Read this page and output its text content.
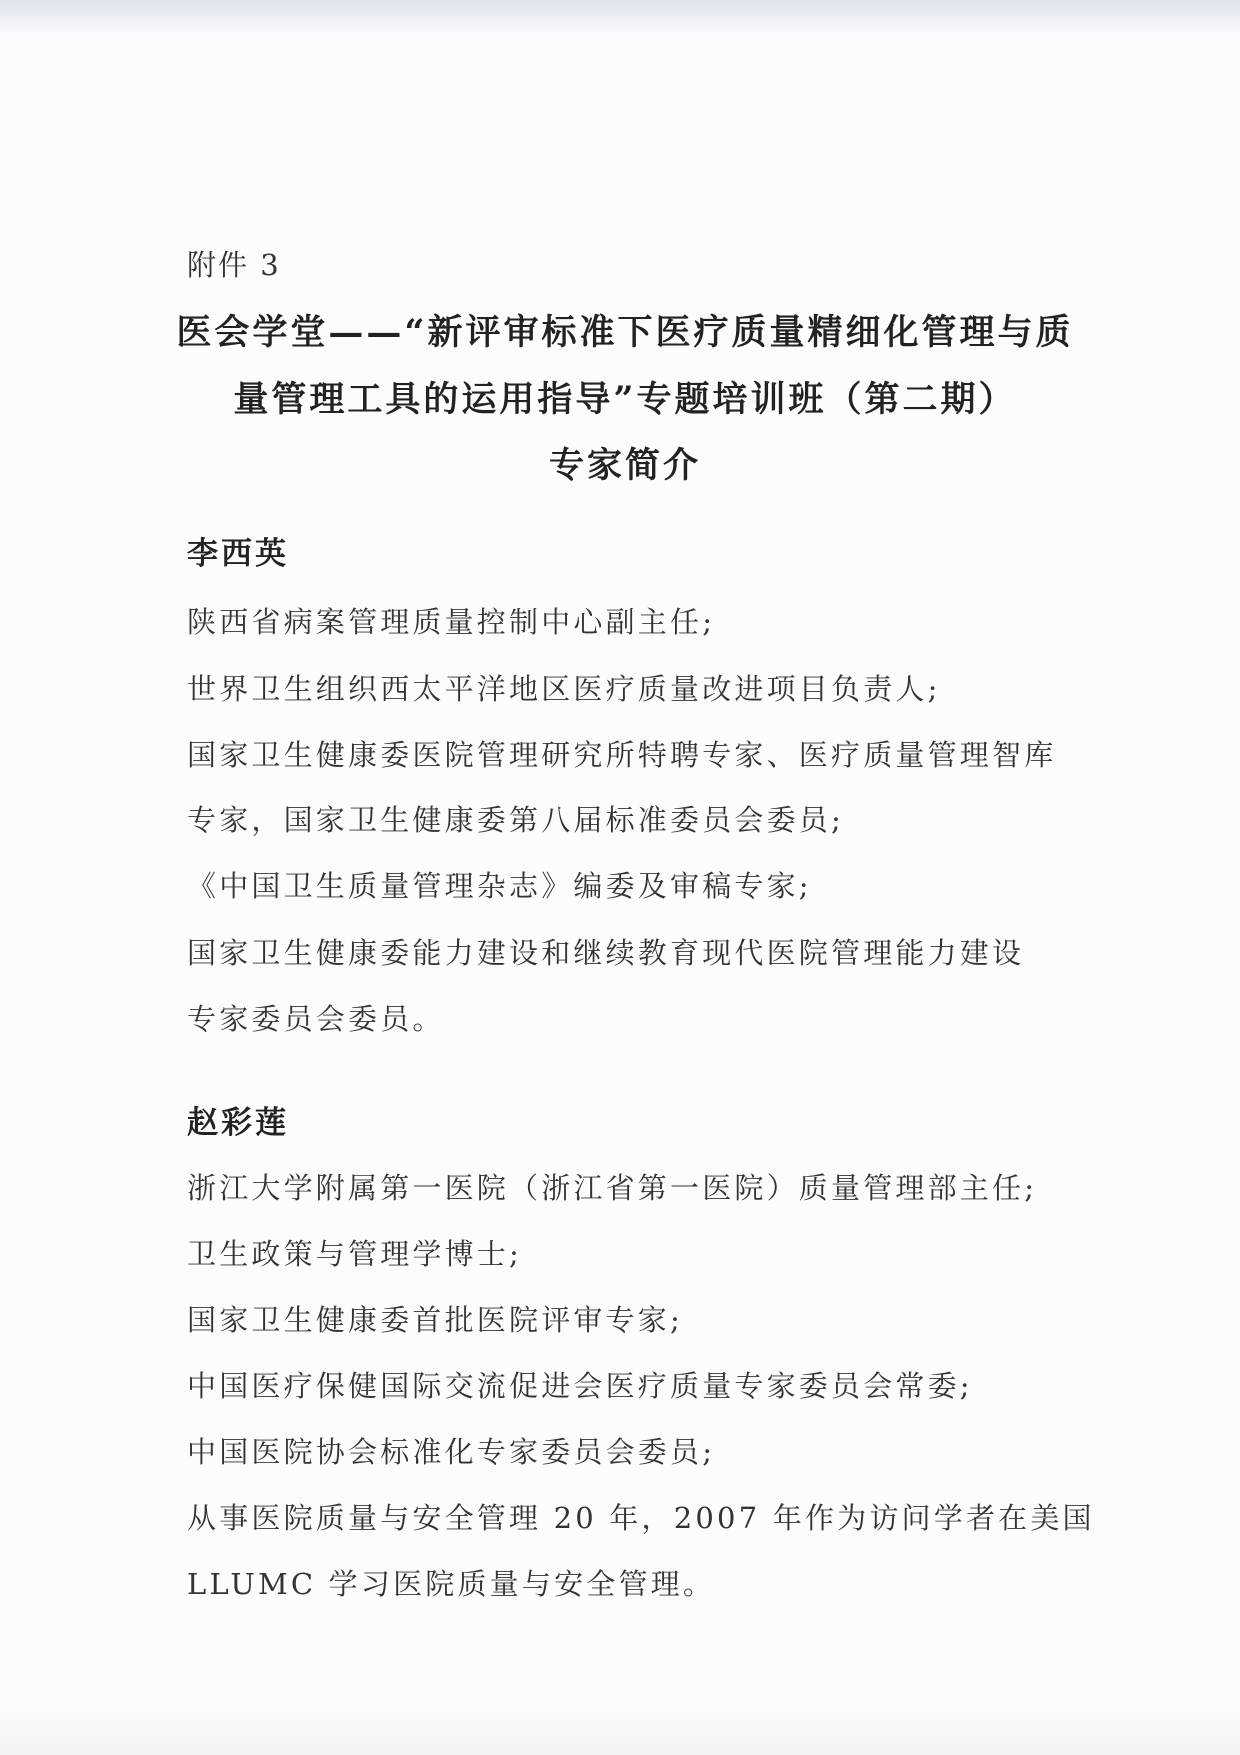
附件 3
医会学堂——“新评审标准下医疗质量精细化管理与质
量管理工具的运用指导”专题培训班（第二期）
专家简介
李西英
陕西省病案管理质量控制中心副主任;
世界卫生组织西太平洋地区医疗质量改进项目负责人;
国家卫生健康委医院管理研究所特聘专家、医疗质量管理智库
专家，国家卫生健康委第八届标准委员会委员;
《中国卫生质量管理杂志》编委及审稿专家;
国家卫生健康委能力建设和继续教育现代医院管理能力建设
专家委员会委员。
赵彩莲
浙江大学附属第一医院（浙江省第一医院）质量管理部主任;
卫生政策与管理学博士;
国家卫生健康委首批医院评审专家;
中国医疗保健国际交流促进会医疗质量专家委员会常委;
中国医院协会标准化专家委员会委员;
从事医院质量与安全管理 20 年，2007 年作为访问学者在美国
LLUMC 学习医院质量与安全管理。
